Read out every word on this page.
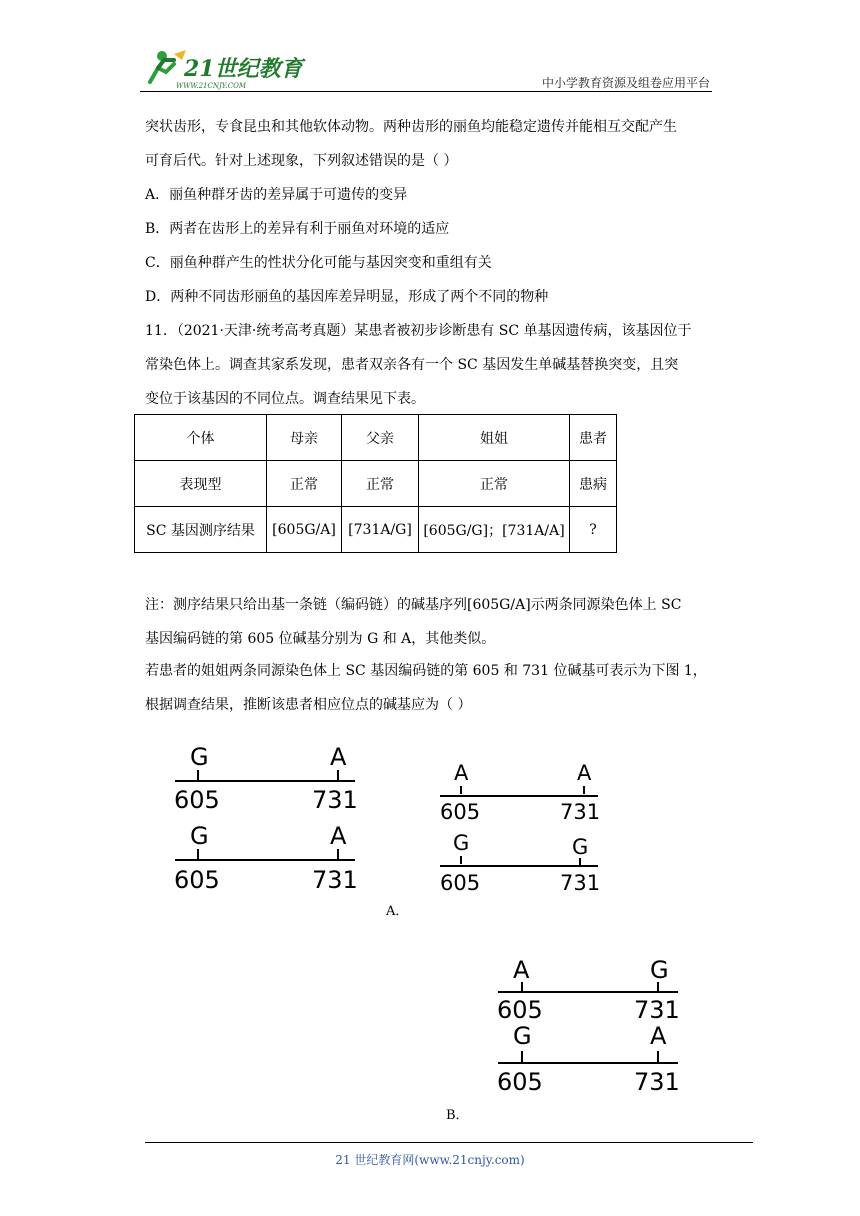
21世纪教育
WWW.21CNJY.COM	中小学教育资源及组卷应用平台
突状齿形，专食昆虫和其他软体动物。两种齿形的丽鱼均能稳定遗传并能相互交配产生
可育后代。针对上述现象，下列叙述错误的是（ ）
A．丽鱼种群牙齿的差异属于可遗传的变异
B．两者在齿形上的差异有利于丽鱼对环境的适应
C．丽鱼种群产生的性状分化可能与基因突变和重组有关
D．两种不同齿形丽鱼的基因库差异明显，形成了两个不同的物种
11．（2021·天津·统考高考真题）某患者被初步诊断患有 SC 单基因遗传病，该基因位于
常染色体上。调查其家系发现，患者双亲各有一个 SC 基因发生单碱基替换突变，且突
变位于该基因的不同位点。调查结果见下表。
个体	母亲	父亲	姐姐	患者
表现型	正常	正常	正常	患病
SC 基因测序结果	[605G/A]	[731A/G]	[605G/G]；[731A/A]	?
注：测序结果只给出基一条链（编码链）的碱基序列[605G/A]示两条同源染色体上 SC
基因编码链的第 605 位碱基分别为 G 和 A，其他类似。
若患者的姐姐两条同源染色体上 SC 基因编码链的第 605 和 731 位碱基可表示为下图 1，
根据调查结果，推断该患者相应位点的碱基应为（ ）
G	A
605	731
G	A
605	731
A	A
605	731
G	G
605	731
A．
A	G
605	731
G	A
605	731
B．
21 世纪教育网(www.21cnjy.com)
